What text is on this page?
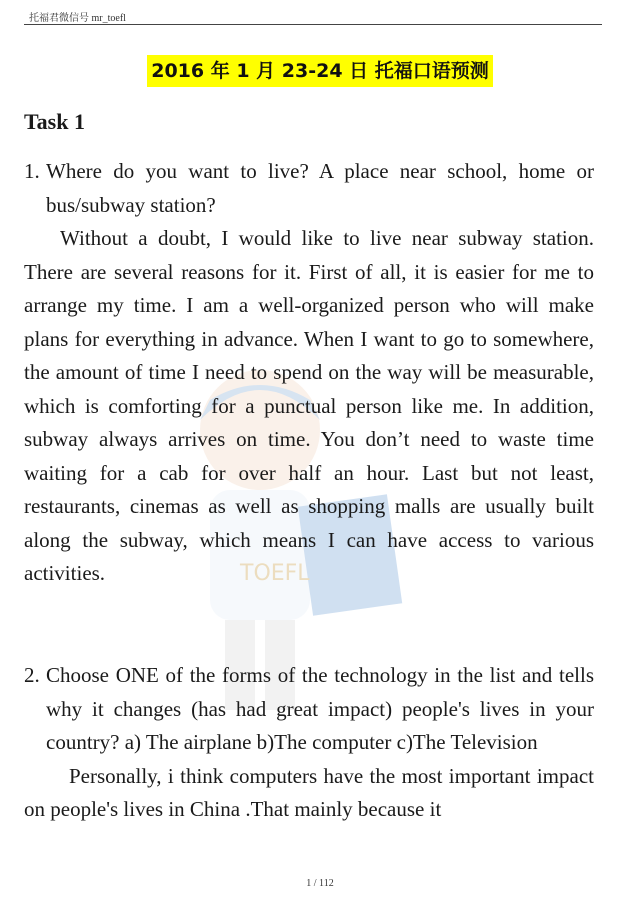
托福君微信号 mr_toefl
TOEFL
2016 年 1 月 23-24 日 托福口语预测
Task 1
1. Where do you want to live? A place near school, home or bus/subway station?
Without a doubt, I would like to live near subway station. There are several reasons for it. First of all, it is easier for me to arrange my time. I am a well-organized person who will make plans for everything in advance. When I want to go to somewhere, the amount of time I need to spend on the way will be measurable, which is comforting for a punctual person like me. In addition, subway always arrives on time. You don’t need to waste time waiting for a cab for over half an hour. Last but not least, restaurants, cinemas as well as shopping malls are usually built along the subway, which means I can have access to various activities.
2. Choose ONE of the forms of the technology in the list and tells why it changes (has had great impact) people's lives in your country? a) The airplane b)The computer c)The Television
Personally, i think computers have the most important impact on people's lives in China .That mainly because it
1 / 112
